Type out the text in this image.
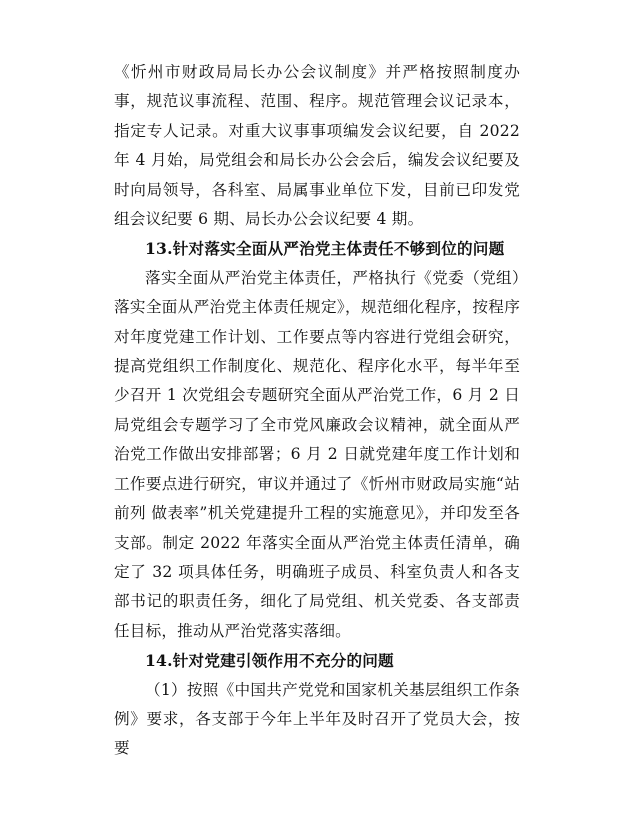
《忻州市财政局局长办公会议制度》并严格按照制度办事，规范议事流程、范围、程序。规范管理会议记录本，指定专人记录。对重大议事事项编发会议纪要，自 2022 年 4 月始，局党组会和局长办公会会后，编发会议纪要及时向局领导，各科室、局属事业单位下发，目前已印发党组会议纪要 6 期、局长办公会议纪要 4 期。

13.针对落实全面从严治党主体责任不够到位的问题

落实全面从严治党主体责任，严格执行《党委（党组）落实全面从严治党主体责任规定》，规范细化程序，按程序对年度党建工作计划、工作要点等内容进行党组会研究，提高党组织工作制度化、规范化、程序化水平，每半年至少召开 1 次党组会专题研究全面从严治党工作，6 月 2 日局党组会专题学习了全市党风廉政会议精神，就全面从严治党工作做出安排部署；6 月 2 日就党建年度工作计划和工作要点进行研究，审议并通过了《忻州市财政局实施“站前列 做表率”机关党建提升工程的实施意见》，并印发至各支部。制定 2022 年落实全面从严治党主体责任清单，确定了 32 项具体任务，明确班子成员、科室负责人和各支部书记的职责任务，细化了局党组、机关党委、各支部责任目标，推动从严治党落实落细。

14.针对党建引领作用不充分的问题

（1）按照《中国共产党党和国家机关基层组织工作条例》要求，各支部于今年上半年及时召开了党员大会，按要
